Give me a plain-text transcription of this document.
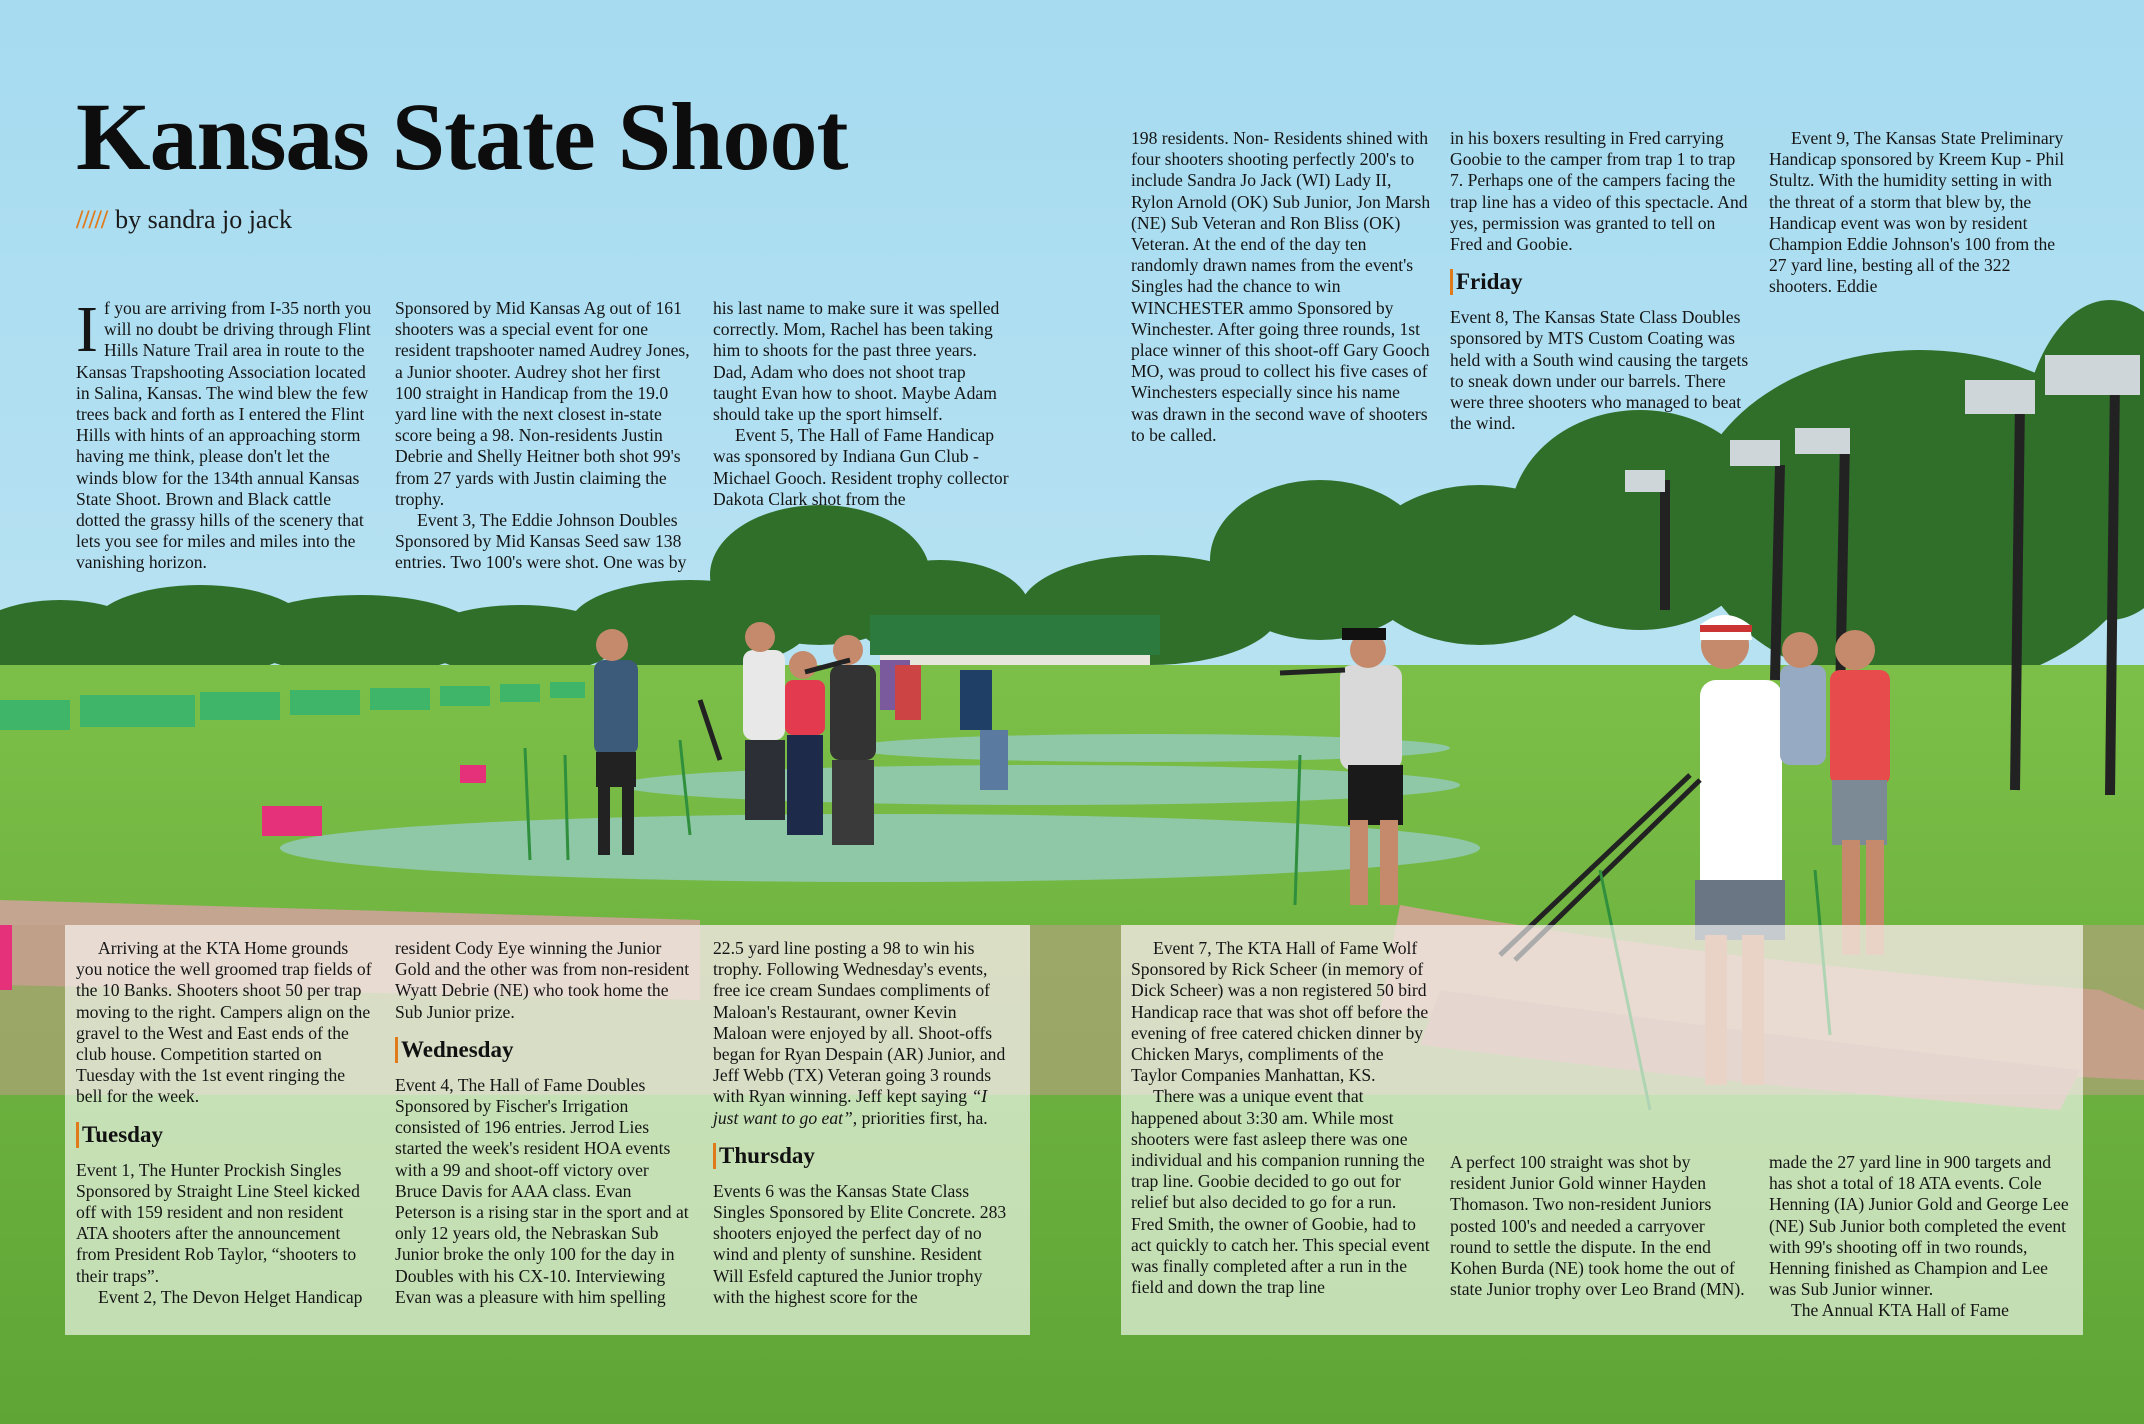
Kansas State Shoot
///// by sandra jo jack

If you are arriving from I-35 north you will no doubt be driving through Flint Hills Nature Trail area in route to the Kansas Trapshooting Association located in Salina, Kansas. The wind blew the few trees back and forth as I entered the Flint Hills with hints of an approaching storm having me think, please don't let the winds blow for the 134th annual Kansas State Shoot. Brown and Black cattle dotted the grassy hills of the scenery that lets you see for miles and miles into the vanishing horizon.

Sponsored by Mid Kansas Ag out of 161 shooters was a special event for one resident trapshooter named Audrey Jones, a Junior shooter. Audrey shot her first 100 straight in Handicap from the 19.0 yard line with the next closest in-state score being a 98. Non-residents Justin Debrie and Shelly Heitner both shot 99's from 27 yards with Justin claiming the trophy.

Event 3, The Eddie Johnson Doubles Sponsored by Mid Kansas Seed saw 138 entries. Two 100's were shot. One was by

his last name to make sure it was spelled correctly. Mom, Rachel has been taking him to shoots for the past three years. Dad, Adam who does not shoot trap taught Evan how to shoot. Maybe Adam should take up the sport himself.

Event 5, The Hall of Fame Handicap was sponsored by Indiana Gun Club - Michael Gooch. Resident trophy collector Dakota Clark shot from the

198 residents. Non- Residents shined with four shooters shooting perfectly 200's to include Sandra Jo Jack (WI) Lady II, Rylon Arnold (OK) Sub Junior, Jon Marsh (NE) Sub Veteran and Ron Bliss (OK) Veteran. At the end of the day ten randomly drawn names from the event's Singles had the chance to win WINCHESTER ammo Sponsored by Winchester. After going three rounds, 1st place winner of this shoot-off Gary Gooch MO, was proud to collect his five cases of Winchesters especially since his name was drawn in the second wave of shooters to be called.

in his boxers resulting in Fred carrying Goobie to the camper from trap 1 to trap 7. Perhaps one of the campers facing the trap line has a video of this spectacle. And yes, permission was granted to tell on Fred and Goobie.

Friday

Event 8, The Kansas State Class Doubles sponsored by MTS Custom Coating was held with a South wind causing the targets to sneak down under our barrels. There were three shooters who managed to beat the wind.

Event 9, The Kansas State Preliminary Handicap sponsored by Kreem Kup - Phil Stultz. With the humidity setting in with the threat of a storm that blew by, the Handicap event was won by resident Champion Eddie Johnson's 100 from the 27 yard line, besting all of the 322 shooters. Eddie

Arriving at the KTA Home grounds you notice the well groomed trap fields of the 10 Banks. Shooters shoot 50 per trap moving to the right. Campers align on the gravel to the West and East ends of the club house. Competition started on Tuesday with the 1st event ringing the bell for the week.

Tuesday

Event 1, The Hunter Prockish Singles Sponsored by Straight Line Steel kicked off with 159 resident and non resident ATA shooters after the announcement from President Rob Taylor, “shooters to their traps”.

Event 2, The Devon Helget Handicap

resident Cody Eye winning the Junior Gold and the other was from non-resident Wyatt Debrie (NE) who took home the Sub Junior prize.

Wednesday

Event 4, The Hall of Fame Doubles Sponsored by Fischer's Irrigation consisted of 196 entries. Jerrod Lies started the week's resident HOA events with a 99 and shoot-off victory over Bruce Davis for AAA class. Evan Peterson is a rising star in the sport and at only 12 years old, the Nebraskan Sub Junior broke the only 100 for the day in Doubles with his CX-10. Interviewing Evan was a pleasure with him spelling

22.5 yard line posting a 98 to win his trophy. Following Wednesday's events, free ice cream Sundaes compliments of Maloan's Restaurant, owner Kevin Maloan were enjoyed by all. Shoot-offs began for Ryan Despain (AR) Junior, and Jeff Webb (TX) Veteran going 3 rounds with Ryan winning. Jeff kept saying “I just want to go eat”, priorities first, ha.

Thursday

Events 6 was the Kansas State Class Singles Sponsored by Elite Concrete. 283 shooters enjoyed the perfect day of no wind and plenty of sunshine. Resident Will Esfeld captured the Junior trophy with the highest score for the

Event 7, The KTA Hall of Fame Wolf Sponsored by Rick Scheer (in memory of Dick Scheer) was a non registered 50 bird Handicap race that was shot off before the evening of free catered chicken dinner by Chicken Marys, compliments of the Taylor Companies Manhattan, KS.

There was a unique event that happened about 3:30 am. While most shooters were fast asleep there was one individual and his companion running the trap line. Goobie decided to go out for relief but also decided to go for a run. Fred Smith, the owner of Goobie, had to act quickly to catch her. This special event was finally completed after a run in the field and down the trap line

A perfect 100 straight was shot by resident Junior Gold winner Hayden Thomason. Two non-resident Juniors posted 100's and needed a carryover round to settle the dispute. In the end Kohen Burda (NE) took home the out of state Junior trophy over Leo Brand (MN).

made the 27 yard line in 900 targets and has shot a total of 18 ATA events. Cole Henning (IA) Junior Gold and George Lee (NE) Sub Junior both completed the event with 99's shooting off in two rounds, Henning finished as Champion and Lee was Sub Junior winner.

The Annual KTA Hall of Fame
